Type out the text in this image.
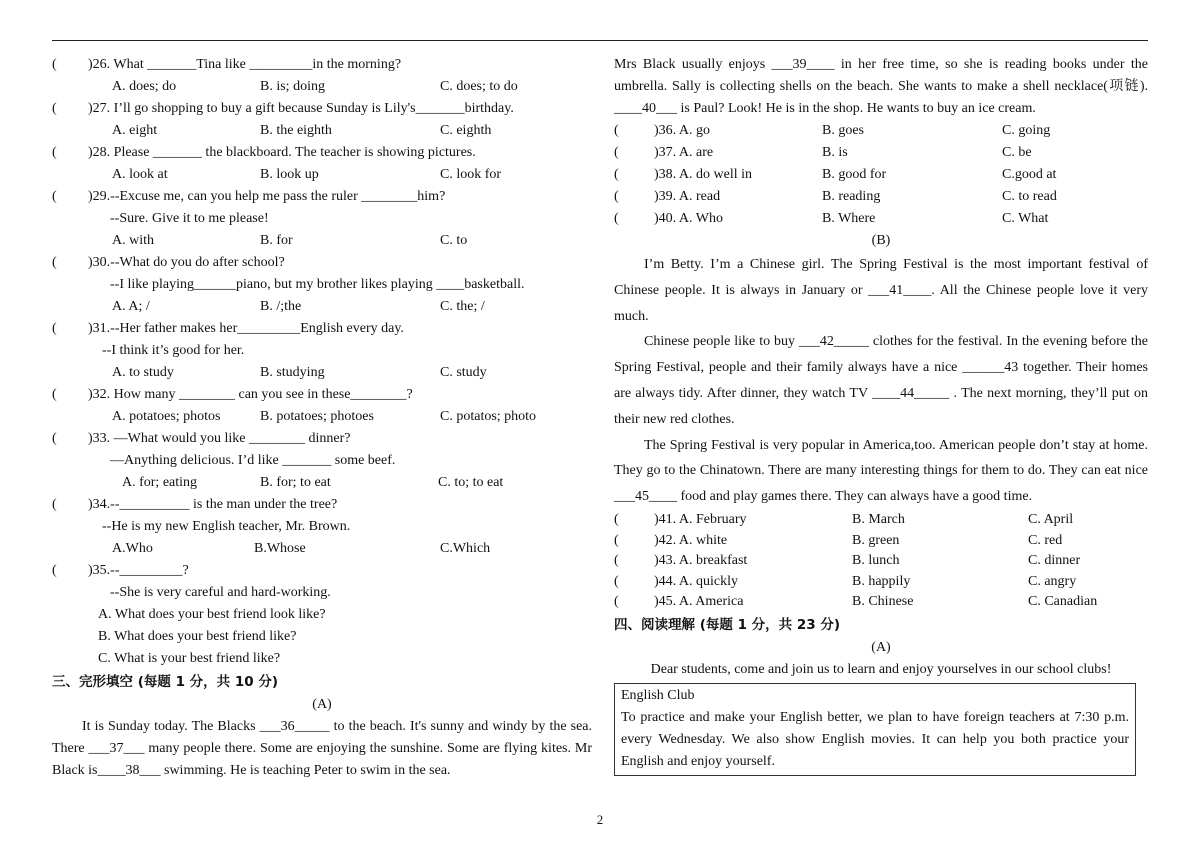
( )26. What _______Tina like _________in the morning?
A. does; do	B. is; doing	C. does; to do
( )27. I’ll go shopping to buy a gift because Sunday is Lily's_______birthday.
A. eight	B. the eighth	C. eighth
( )28. Please _______ the blackboard. The teacher is showing pictures.
A. look at	B. look up	C. look for
( )29.--Excuse me, can you help me pass the ruler ________him?
--Sure. Give it to me please!
A. with	B. for	C. to
( )30.--What do you do after school?
--I like playing______piano, but my brother likes playing ____basketball.
A. A; /	B. /;the	C. the; /
( )31.--Her father makes her_________English every day.
--I think it’s good for her.
A. to study	B. studying	C. study
( )32. How many ________ can you see in these________?
A. potatoes; photos	B. potatoes; photoes	C. potatos; photo
( )33. —What would you like ________ dinner?
—Anything delicious. I’d like _______ some beef.
A. for; eating	B. for; to eat	C. to; to eat
( )34.--__________ is the man under the tree?
--He is my new English teacher, Mr. Brown.
A.Who	B.Whose	C.Which
( )35.--_________?
--She is very careful and hard-working.
A. What does your best friend look like?
B. What does your best friend like?
C. What is your best friend like?
三、完形填空 (每题 1 分，共 10 分)
(A)
It is Sunday today. The Blacks ___36_____ to the beach. It's sunny and windy by the sea. There ___37___ many people there. Some are enjoying the sunshine. Some are flying kites. Mr Black is____38___ swimming. He is teaching Peter to swim in the sea.
Mrs Black usually enjoys ___39____ in her free time, so she is reading books under the umbrella. Sally is collecting shells on the beach. She wants to make a shell necklace(项链). ____40___ is Paul? Look! He is in the shop. He wants to buy an ice cream.
(	)36. A. go	B. goes	C. going
(	)37. A. are	B. is	C. be
(	)38. A. do well in	B. good for	C.good at
(	)39. A. read	B. reading	C. to read
(	)40. A. Who	B. Where	C. What
(B)
I’m Betty. I’m a Chinese girl. The Spring Festival is the most important festival of Chinese people. It is always in January or ___41____. All the Chinese people love it very much.
Chinese people like to buy ___42_____ clothes for the festival. In the evening before the Spring Festival, people and their family always have a nice ______43 together. Their homes are always tidy. After dinner, they watch TV ____44_____ . The next morning, they’ll put on their new red clothes.
The Spring Festival is very popular in America,too. American people don’t stay at home. They go to the Chinatown. There are many interesting things for them to do. They can eat nice ___45____ food and play games there. They can always have a good time.
(	)41. A. February	B. March	C. April
(	)42. A. white	B. green	C. red
(	)43. A. breakfast	B. lunch	C. dinner
(	)44. A. quickly	B. happily	C. angry
(	)45. A. America	B. Chinese	C. Canadian
四、阅读理解 (每题 1 分，共 23 分)
(A)
Dear students, come and join us to learn and enjoy yourselves in our school clubs!
English Club
To practice and make your English better, we plan to have foreign teachers at 7:30 p.m. every Wednesday. We also show English movies. It can help you both practice your English and enjoy yourself.
2
